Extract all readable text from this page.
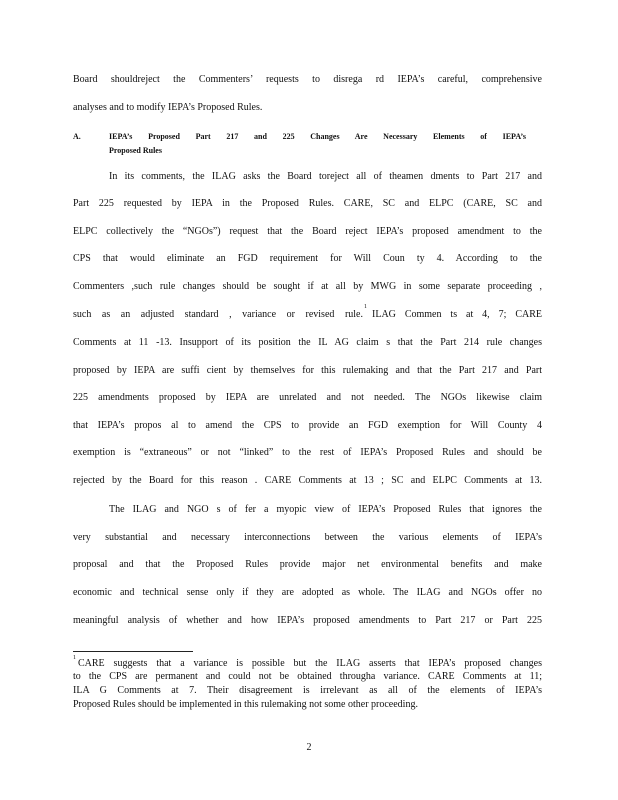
Board shouldreject the Commenters’ requests to disrega rd IEPA’s careful, comprehensive

analyses and to modify IEPA’s Proposed Rules.

A.	IEPA’s Proposed Part 217 and 225 Changes Are Necessary Elements of IEPA’s

Proposed Rules

In its comments, the ILAG asks the Board toreject all of theamen dments to Part 217 and

Part 225 requested by IEPA in the Proposed Rules. CARE, SC and ELPC (CARE, SC and

ELPC collectively the “NGOs”) request that the Board reject IEPA’s proposed amendment to the

CPS that would eliminate an FGD requirement for Will Coun ty 4. According to the

Commenters ,such rule changes should be sought if at all by MWG in some separate proceeding ,

such as an adjusted standard , variance or revised rule.

1

ILAG Commen ts at 4, 7; CARE

Comments at 11 -13. Insupport of its position the IL AG claim s that the Part 214 rule changes

proposed by IEPA are suffi cient by themselves for this rulemaking and that the Part 217 and Part

225 amendments proposed by IEPA are unrelated and not needed. The NGOs likewise claim

that IEPA’s propos al to amend the CPS to provide an FGD exemption for Will County 4

exemption is “extraneous” or not “linked” to the rest of IEPA’s Proposed Rules and should be

rejected by the Board for this reason . CARE Comments at 13 ; SC and ELPC Comments at 13.

The ILAG and NGO s of fer a myopic view of IEPA’s Proposed Rules that ignores the

very substantial and necessary interconnections between the various elements of IEPA’s

proposal and that the Proposed Rules provide major net environmental benefits and make

economic and technical sense only if they are adopted as whole. The ILAG and NGOs offer no

meaningful analysis of whether and how IEPA’s proposed amendments to Part 217 or Part 225

1 CARE suggests that a variance is possible but the ILAG asserts that IEPA’s proposed changes

to the CPS are permanent and could not be obtained througha variance. CARE Comments at 11;

ILA G Comments at 7. Their disagreement is irrelevant as all of the elements of IEPA’s

Proposed Rules should be implemented in this rulemaking not some other proceeding.

2
